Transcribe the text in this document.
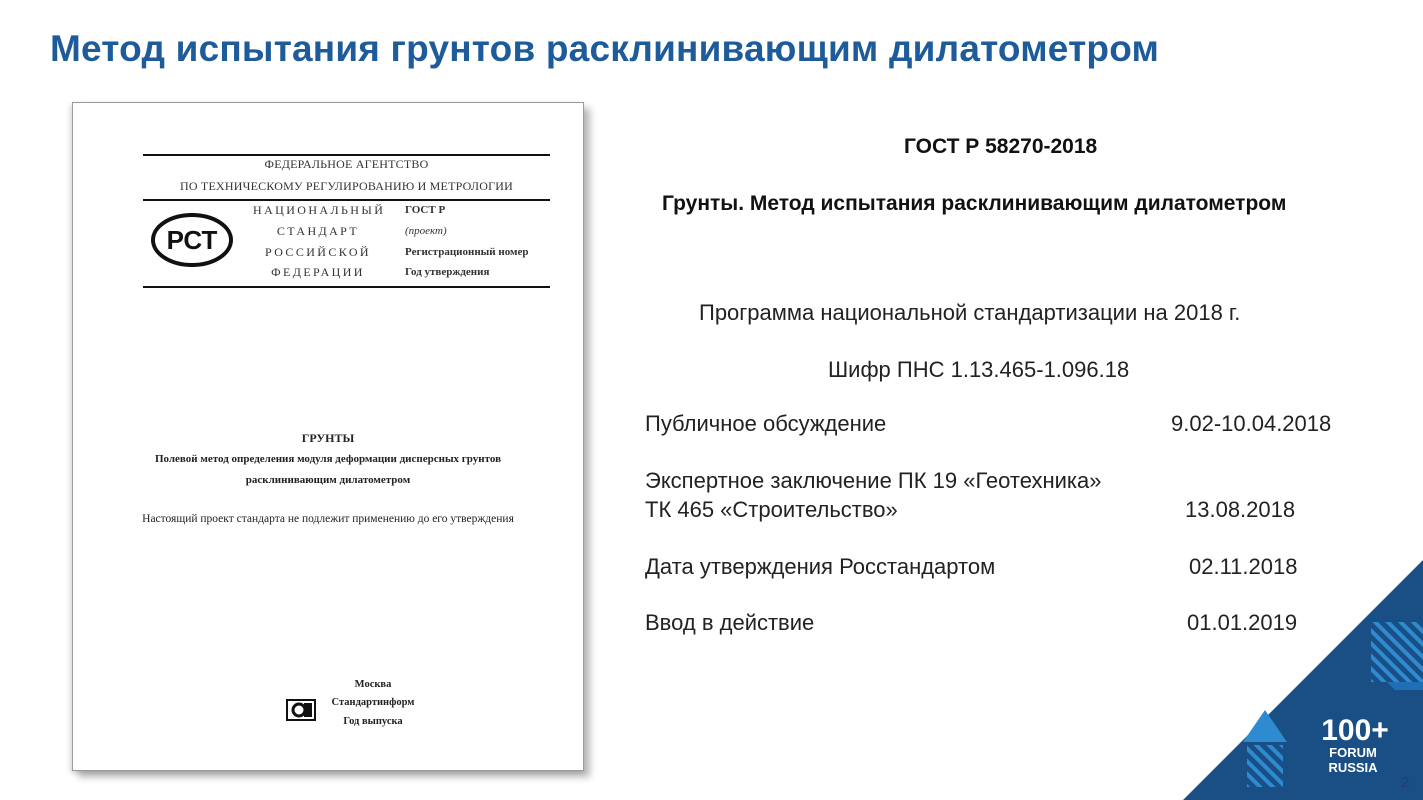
Метод испытания грунтов расклинивающим дилатометром
ФЕДЕРАЛЬНОЕ АГЕНТСТВО
ПО ТЕХНИЧЕСКОМУ РЕГУЛИРОВАНИЮ И МЕТРОЛОГИИ
РСТ
НАЦИОНАЛЬНЫЙ
СТАНДАРТ
РОССИЙСКОЙ
ФЕДЕРАЦИИ
ГОСТ Р
(проект)
Регистрационный номер
Год утверждения
ГРУНТЫ
Полевой метод определения модуля деформации дисперсных грунтов
расклинивающим дилатометром
Настоящий проект стандарта не подлежит применению до его утверждения
Москва
Стандартинформ
Год выпуска
ГОСТ Р 58270-2018
Грунты. Метод испытания расклинивающим дилатометром
Программа национальной стандартизации на 2018 г.
Шифр ПНС 1.13.465-1.096.18
Публичное обсуждение	9.02-10.04.2018
Экспертное заключение ПК 19 «Геотехника»
ТК 465 «Строительство»	13.08.2018
Дата утверждения Росстандартом	02.11.2018
Ввод в действие	01.01.2019
100+
FORUM
RUSSIA
2
